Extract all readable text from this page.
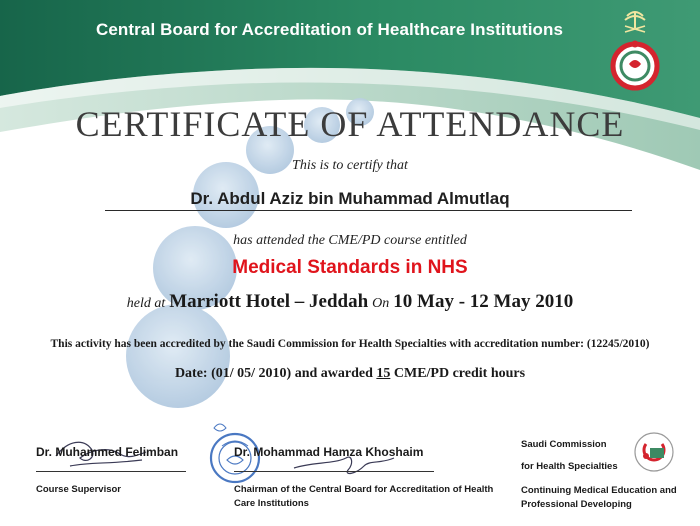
Central Board for Accreditation of Healthcare Institutions
CERTIFICATE OF ATTENDANCE
This is to certify that
Dr. Abdul Aziz bin Muhammad Almutlaq
has attended the CME/PD course entitled
Medical Standards in NHS
held at Marriott Hotel – Jeddah On 10 May - 12 May 2010
This activity has been accredited by the Saudi Commission for Health Specialties with accreditation number: (12245/2010)
Date: (01/ 05/ 2010) and awarded 15 CME/PD credit hours
Dr. Muhammed Felimban
Course Supervisor
Dr. Mohammad Hamza Khoshaim
Chairman of the Central Board for Accreditation of Health
Care Institutions
Saudi Commission
for Health Specialties
Continuing Medical Education and
Professional Developing
